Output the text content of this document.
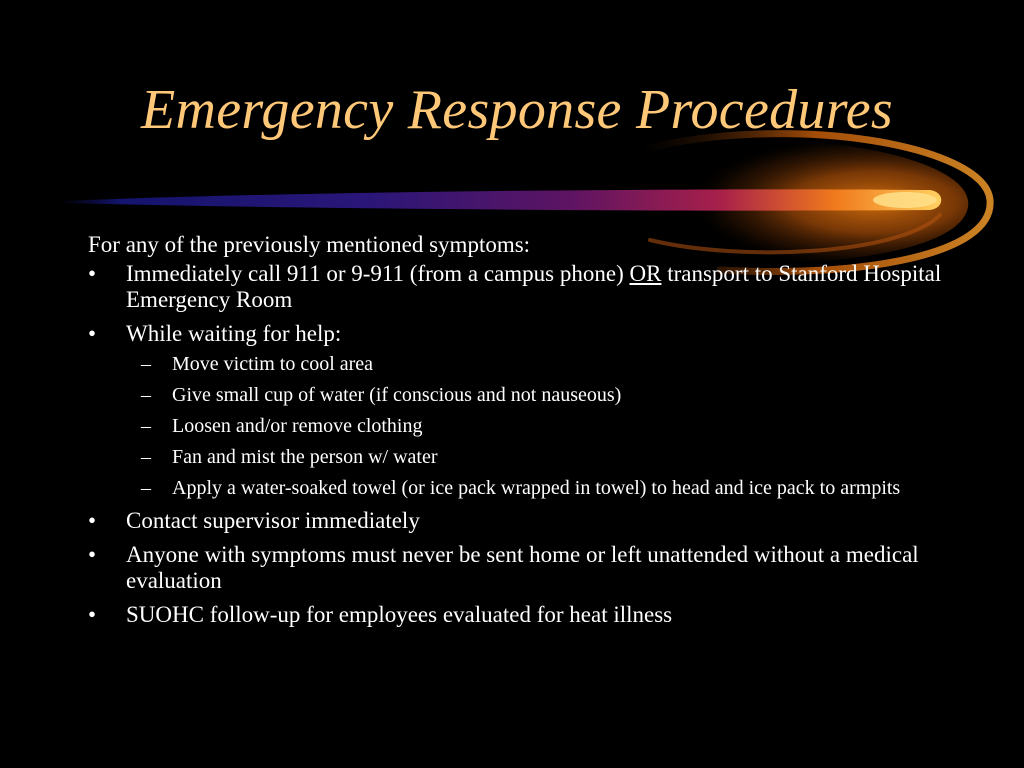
Emergency Response Procedures
For any of the previously mentioned symptoms:
• Immediately call 911 or 9-911 (from a campus phone) OR transport to Stanford Hospital Emergency Room
• While waiting for help:
– Move victim to cool area
– Give small cup of water (if conscious and not nauseous)
– Loosen and/or remove clothing
– Fan and mist the person w/ water
– Apply a water-soaked towel (or ice pack wrapped in towel) to head and ice pack to armpits
• Contact supervisor immediately
• Anyone with symptoms must never be sent home or left unattended without a medical evaluation
• SUOHC follow-up for employees evaluated for heat illness
